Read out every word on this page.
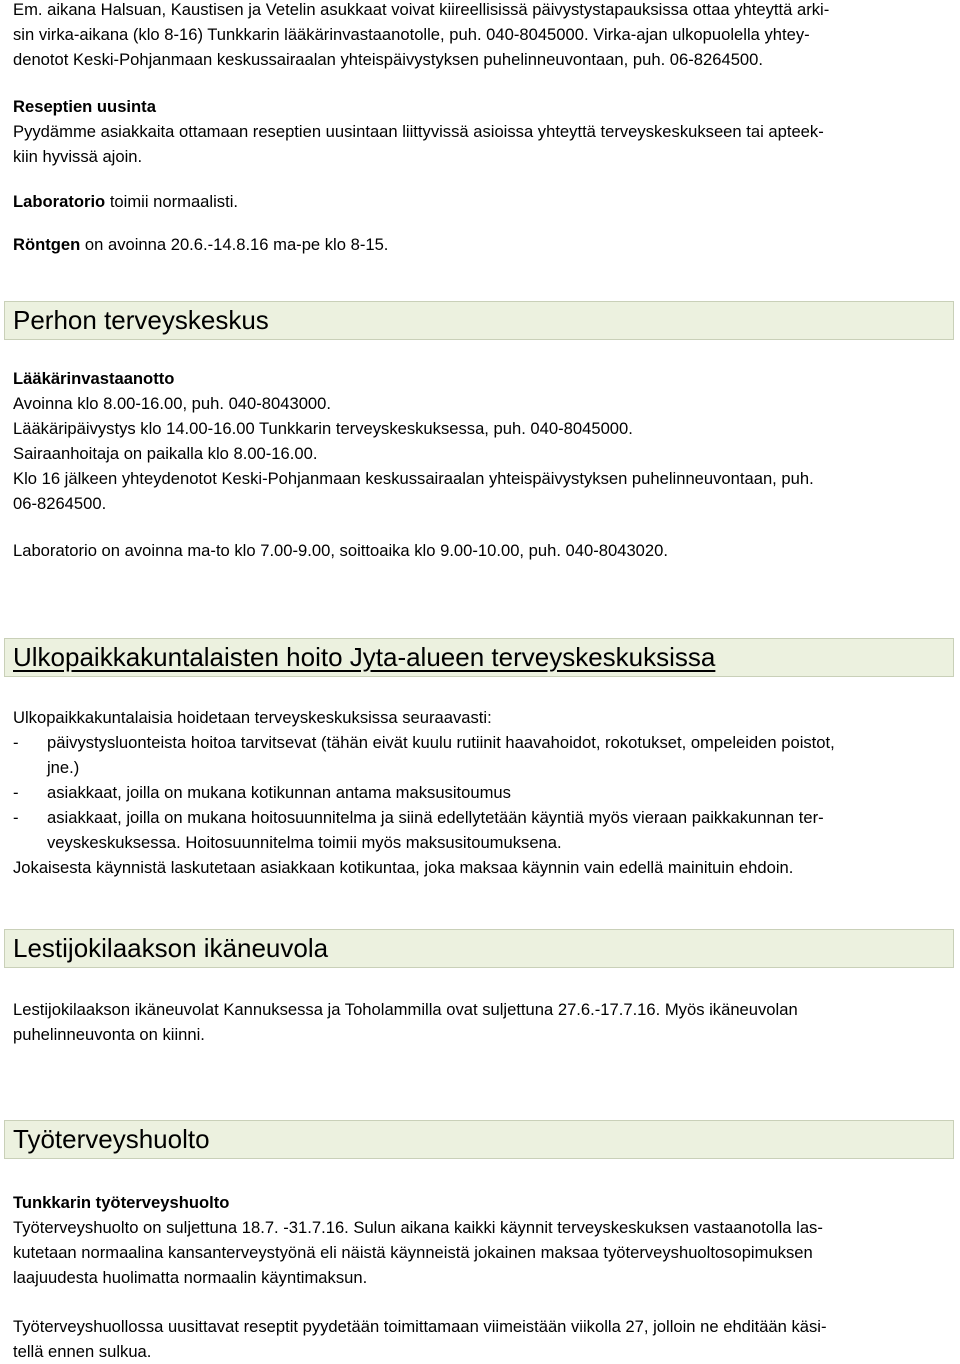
Em. aikana Halsuan, Kaustisen ja Vetelin asukkaat voivat kiireellisissä päivystystapauksissa ottaa yhteyttä arki-
sin virka-aikana (klo 8-16) Tunkkarin lääkärinvastaanotolle, puh. 040-8045000. Virka-ajan ulkopuolella yhtey-
denotot Keski-Pohjanmaan keskussairaalan yhteispäivystyksen puhelinneuvontaan, puh. 06-8264500.
Reseptien uusinta
Pyydämme asiakkaita ottamaan reseptien uusintaan liittyvissä asioissa yhteyttä terveyskeskukseen tai apteek-
kiin hyvissä ajoin.
Laboratorio toimii normaalisti.
Röntgen on avoinna 20.6.-14.8.16 ma-pe klo 8-15.
Perhon terveyskeskus
Lääkärinvastaanotto
Avoinna klo 8.00-16.00, puh. 040-8043000.
Lääkäripäivystys klo 14.00-16.00 Tunkkarin terveyskeskuksessa, puh. 040-8045000.
Sairaanhoitaja on paikalla klo 8.00-16.00.
Klo 16 jälkeen yhteydenotot Keski-Pohjanmaan keskussairaalan yhteispäivystyksen puhelinneuvontaan, puh.
06-8264500.
Laboratorio on avoinna ma-to klo 7.00-9.00, soittoaika klo 9.00-10.00, puh. 040-8043020.
Ulkopaikkakuntalaisten hoito Jyta-alueen terveyskeskuksissa
Ulkopaikkakuntalaisia hoidetaan terveyskeskuksissa seuraavasti:
- päivystysluonteista hoitoa tarvitsevat (tähän eivät kuulu rutiinit haavahoidot, rokotukset, ompeleiden poistot,
jne.)
- asiakkaat, joilla on mukana kotikunnan antama maksusitoumus
- asiakkaat, joilla on mukana hoitosuunnitelma ja siinä edellytetään käyntiä myös vieraan paikkakunnan ter-
veyskeskuksessa. Hoitosuunnitelma toimii myös maksusitoumuksena.
Jokaisesta käynnistä laskutetaan asiakkaan kotikuntaa, joka maksaa käynnin vain edellä mainituin ehdoin.
Lestijokilaakson ikäneuvola
Lestijokilaakson ikäneuvolat Kannuksessa ja Toholammilla ovat suljettuna 27.6.-17.7.16. Myös ikäneuvolan
puhelinneuvonta on kiinni.
Työterveyshuolto
Tunkkarin työterveyshuolto
Työterveyshuolto on suljettuna 18.7. -31.7.16. Sulun aikana kaikki käynnit terveyskeskuksen vastaanotolla las-
kutetaan normaalina kansanterveystyönä eli näistä käynneistä jokainen maksaa työterveyshuoltosopimuksen
laajuudesta huolimatta normaalin käyntimaksun.
Työterveyshuollossa uusittavat reseptit pyydetään toimittamaan viimeistään viikolla 27, jolloin ne ehditään käsi-
tellä ennen sulkua.
